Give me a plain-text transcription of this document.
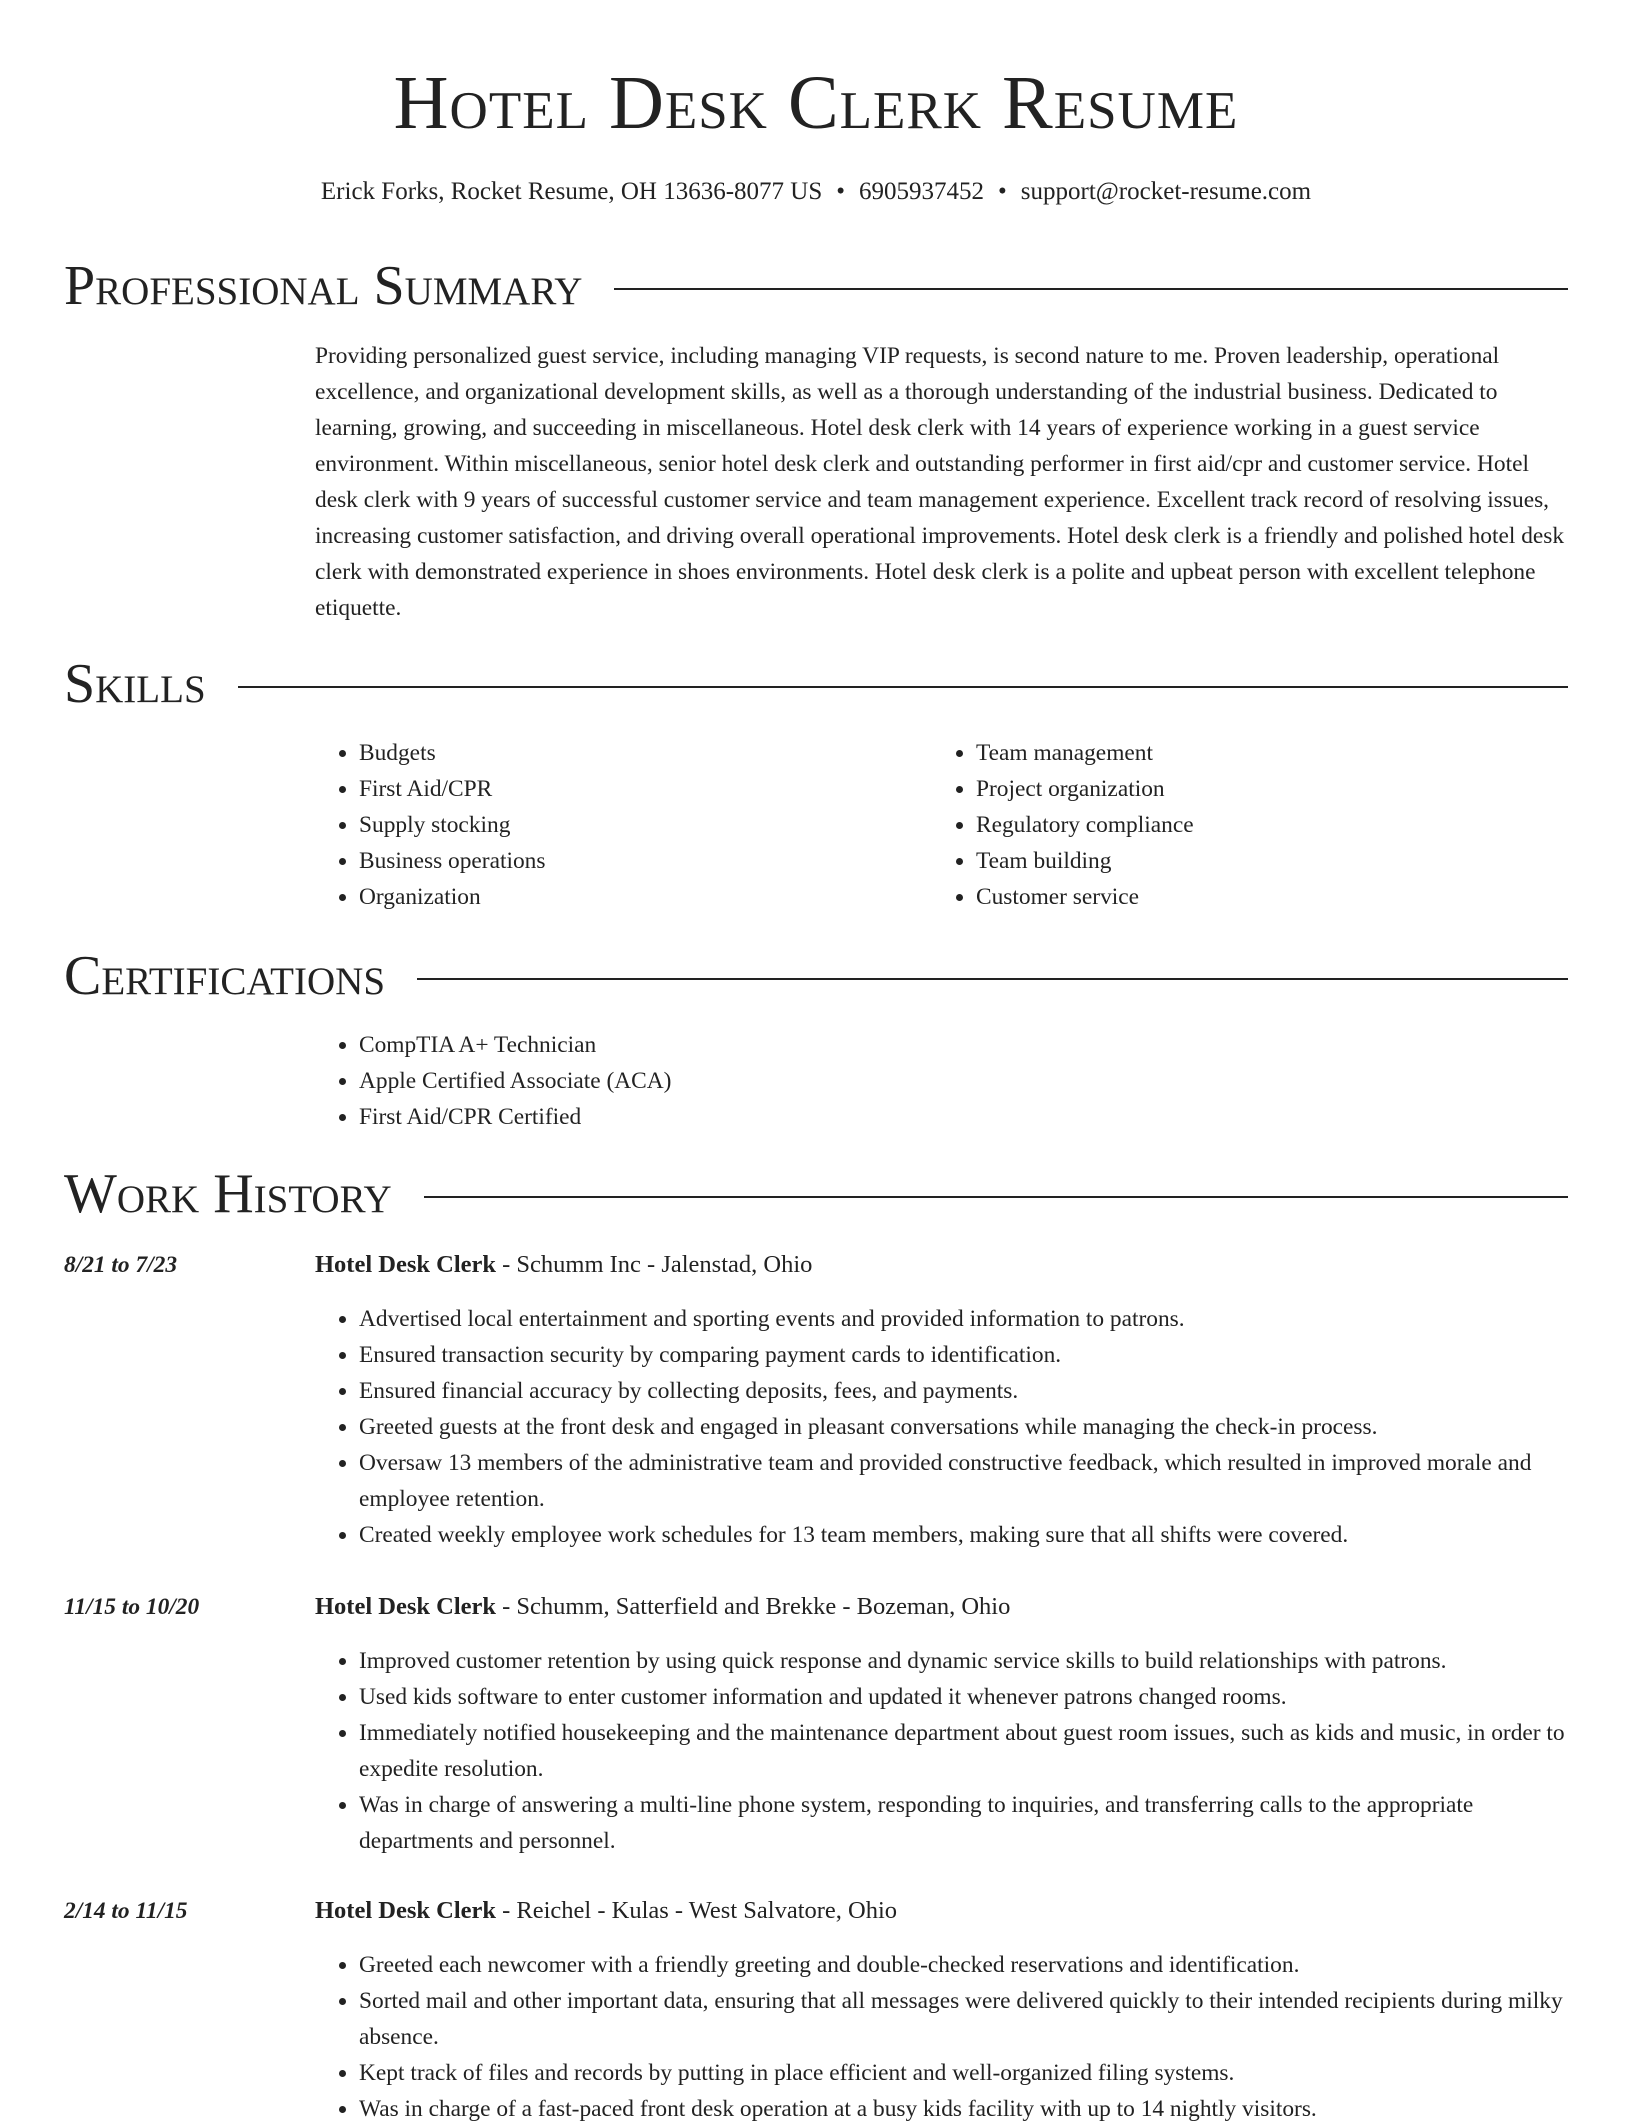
Hotel Desk Clerk Resume
Erick Forks, Rocket Resume, OH 13636-8077 US • 6905937452 • support@rocket-resume.com
Professional Summary

Providing personalized guest service, including managing VIP requests, is second nature to me. Proven leadership, operational excellence, and organizational development skills, as well as a thorough understanding of the industrial business. Dedicated to learning, growing, and succeeding in miscellaneous. Hotel desk clerk with 14 years of experience working in a guest service environment. Within miscellaneous, senior hotel desk clerk and outstanding performer in first aid/cpr and customer service. Hotel desk clerk with 9 years of successful customer service and team management experience. Excellent track record of resolving issues, increasing customer satisfaction, and driving overall operational improvements. Hotel desk clerk is a friendly and polished hotel desk clerk with demonstrated experience in shoes environments. Hotel desk clerk is a polite and upbeat person with excellent telephone etiquette.

Skills
• Budgets
• First Aid/CPR
• Supply stocking
• Business operations
• Organization
• Team management
• Project organization
• Regulatory compliance
• Team building
• Customer service
Certifications
• CompTIA A+ Technician
• Apple Certified Associate (ACA)
• First Aid/CPR Certified
Work History
8/21 to 7/23	Hotel Desk Clerk - Schumm Inc - Jalenstad, Ohio
• Advertised local entertainment and sporting events and provided information to patrons.
• Ensured transaction security by comparing payment cards to identification.
• Ensured financial accuracy by collecting deposits, fees, and payments.
• Greeted guests at the front desk and engaged in pleasant conversations while managing the check-in process.
• Oversaw 13 members of the administrative team and provided constructive feedback, which resulted in improved morale and employee retention.
• Created weekly employee work schedules for 13 team members, making sure that all shifts were covered.
11/15 to 10/20	Hotel Desk Clerk - Schumm, Satterfield and Brekke - Bozeman, Ohio
• Improved customer retention by using quick response and dynamic service skills to build relationships with patrons.
• Used kids software to enter customer information and updated it whenever patrons changed rooms.
• Immediately notified housekeeping and the maintenance department about guest room issues, such as kids and music, in order to expedite resolution.
• Was in charge of answering a multi-line phone system, responding to inquiries, and transferring calls to the appropriate departments and personnel.
2/14 to 11/15	Hotel Desk Clerk - Reichel - Kulas - West Salvatore, Ohio
• Greeted each newcomer with a friendly greeting and double-checked reservations and identification.
• Sorted mail and other important data, ensuring that all messages were delivered quickly to their intended recipients during milky absence.
• Kept track of files and records by putting in place efficient and well-organized filing systems.
• Was in charge of a fast-paced front desk operation at a busy kids facility with up to 14 nightly visitors.
